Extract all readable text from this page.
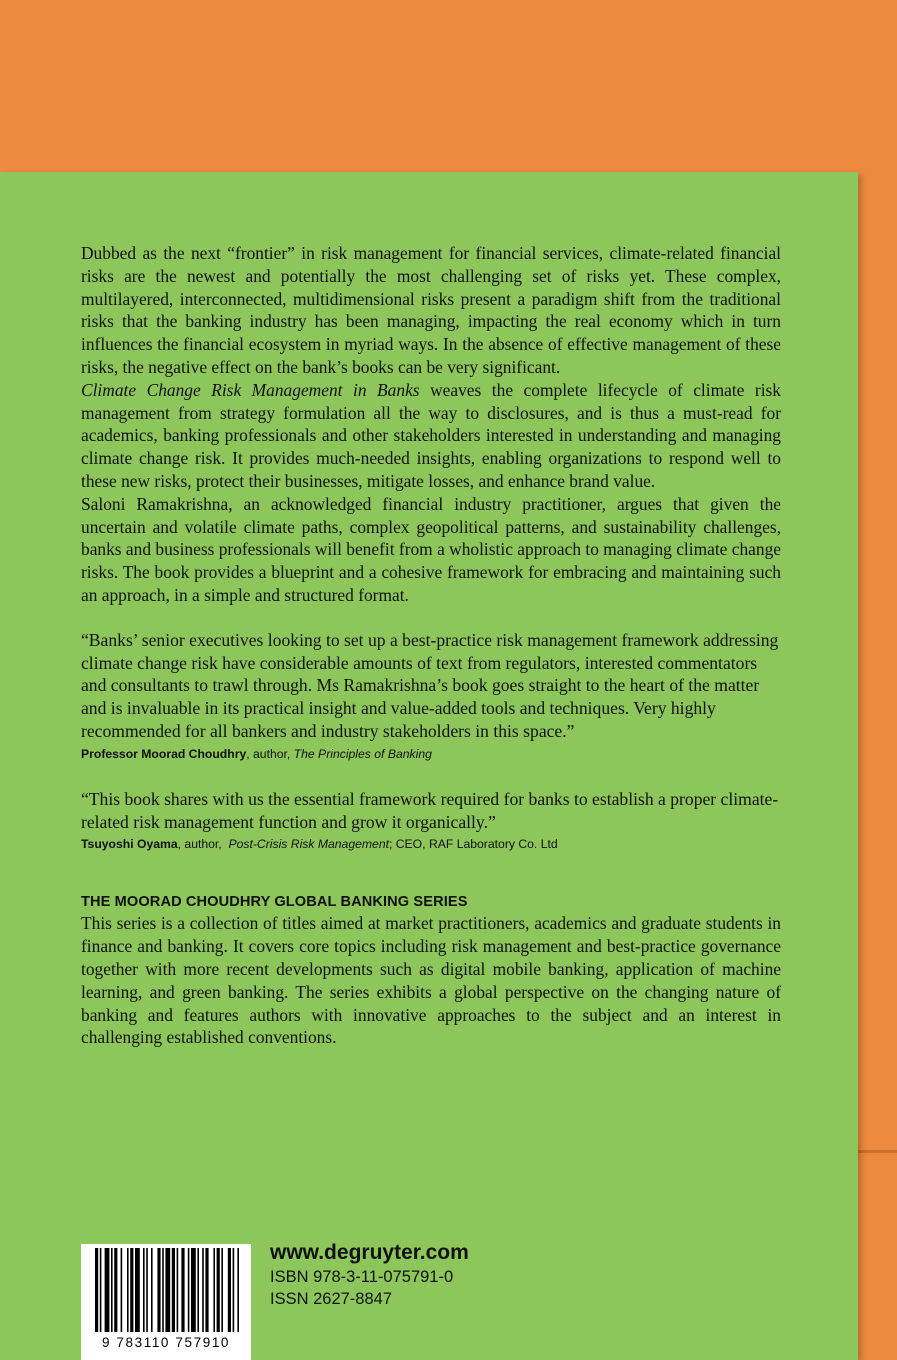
Dubbed as the next “frontier” in risk management for financial services, climate-related financial risks are the newest and potentially the most challenging set of risks yet. These complex, multilayered, interconnected, multidimensional risks present a paradigm shift from the traditional risks that the banking industry has been managing, impacting the real economy which in turn influences the financial ecosystem in myriad ways. In the absence of effective management of these risks, the negative effect on the bank’s books can be very significant.

Climate Change Risk Management in Banks weaves the complete lifecycle of climate risk management from strategy formulation all the way to disclosures, and is thus a must-read for academics, banking professionals and other stakeholders interested in understanding and managing climate change risk. It provides much-needed insights, enabling organizations to respond well to these new risks, protect their businesses, mitigate losses, and enhance brand value.

Saloni Ramakrishna, an acknowledged financial industry practitioner, argues that given the uncertain and volatile climate paths, complex geopolitical patterns, and sustainability challenges, banks and business professionals will benefit from a wholistic approach to managing climate change risks. The book provides a blueprint and a cohesive framework for embracing and maintaining such an approach, in a simple and structured format.

“Banks’ senior executives looking to set up a best-practice risk management framework addressing climate change risk have considerable amounts of text from regulators, interested commentators and consultants to trawl through. Ms Ramakrishna’s book goes straight to the heart of the matter and is invaluable in its practical insight and value-added tools and techniques. Very highly recommended for all bankers and industry stakeholders in this space.”

Professor Moorad Choudhry, author, The Principles of Banking

“This book shares with us the essential framework required for banks to establish a proper climate-related risk management function and grow it organically.”

Tsuyoshi Oyama, author,  Post-Crisis Risk Management; CEO, RAF Laboratory Co. Ltd

THE MOORAD CHOUDHRY GLOBAL BANKING SERIES

This series is a collection of titles aimed at market practitioners, academics and graduate students in finance and banking. It covers core topics including risk management and best-practice governance together with more recent developments such as digital mobile banking, application of machine learning, and green banking. The series exhibits a global perspective on the changing nature of banking and features authors with innovative approaches to the subject and an interest in challenging established conventions.

9 783110 757910
www.degruyter.com
ISBN 978-3-11-075791-0
ISSN 2627-8847
